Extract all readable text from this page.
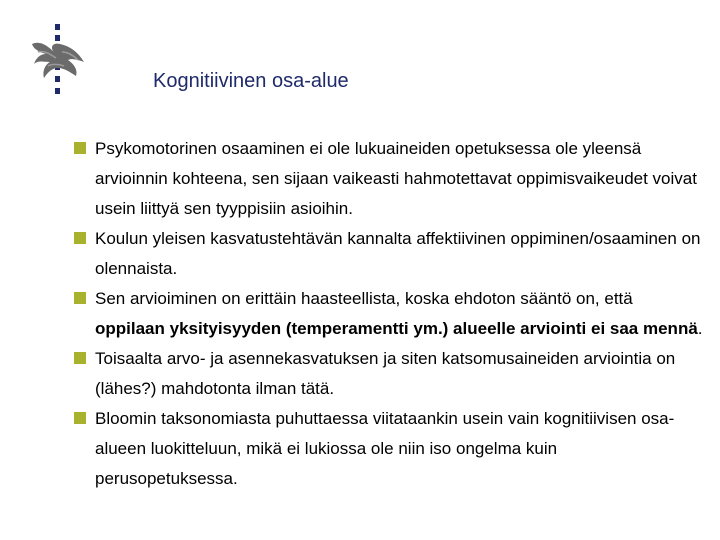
Kognitiivinen osa-alue
Psykomotorinen osaaminen ei ole lukuaineiden opetuksessa ole yleensä arvioinnin kohteena, sen sijaan vaikeasti hahmotettavat oppimisvaikeudet voivat usein liittyä sen tyyppisiin asioihin.
Koulun yleisen kasvatustehtävän kannalta affektiivinen oppiminen/osaaminen on olennaista.
Sen arvioiminen on erittäin haasteellista, koska ehdoton sääntö on, että oppilaan yksityisyyden (temperamentti ym.) alueelle arviointi ei saa mennä.
Toisaalta arvo- ja asennekasvatuksen ja siten katsomusaineiden arviointia on (lähes?) mahdotonta ilman tätä.
Bloomin taksonomiasta puhuttaessa viitataankin usein vain kognitiivisen osa-alueen luokitteluun, mikä ei lukiossa ole niin iso ongelma kuin perusopetuksessa.
